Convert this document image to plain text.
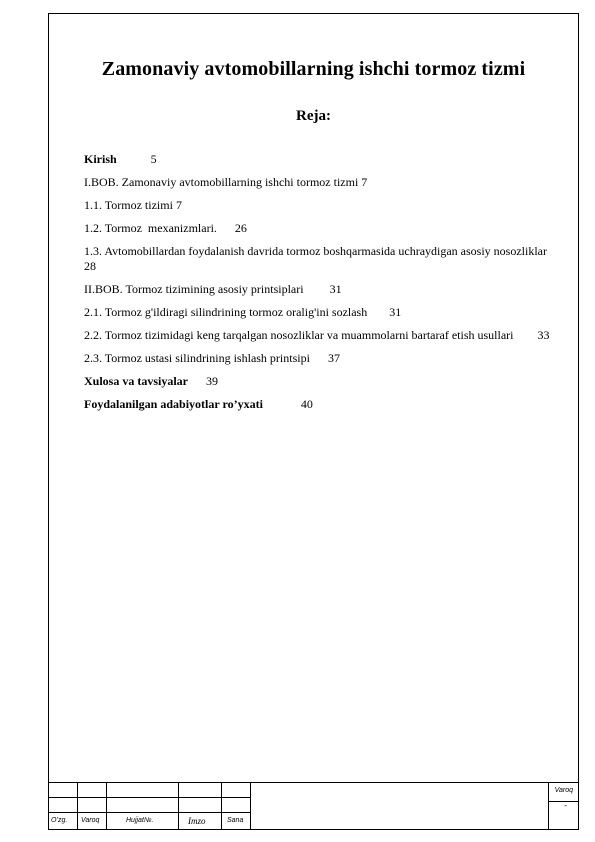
Zamonaviy avtomobillarning ishchi tormoz tizmi
Reja:

Kirish	5

I.BOB. Zamonaviy avtomobillarning ishchi tormoz tizmi 7

1.1. Tormoz tizimi 7

1.2. Tormoz  mexanizmlari. 26

1.3. Avtomobillardan foydalanish davrida tormoz boshqarmasida uchraydigan asosiy nosozliklar 28

II.BOB. Tormoz tizimining asosiy printsiplari 31

2.1. Tormoz g'ildiragi silindrining tormoz oralig'ini sozlash 31

2.2. Tormoz tizimidagi keng tarqalgan nosozliklar va muammolarni bartaraf etish usullari 33

2.3. Tormoz ustasi silindrining ishlash printsipi 37

Xulosa va tavsiyalar 39

Foydalanilgan adabiyotlar ro’yxati	40

O’zg. Varoq	Hujjat№.	Imzo	Sana
Varoq
-
